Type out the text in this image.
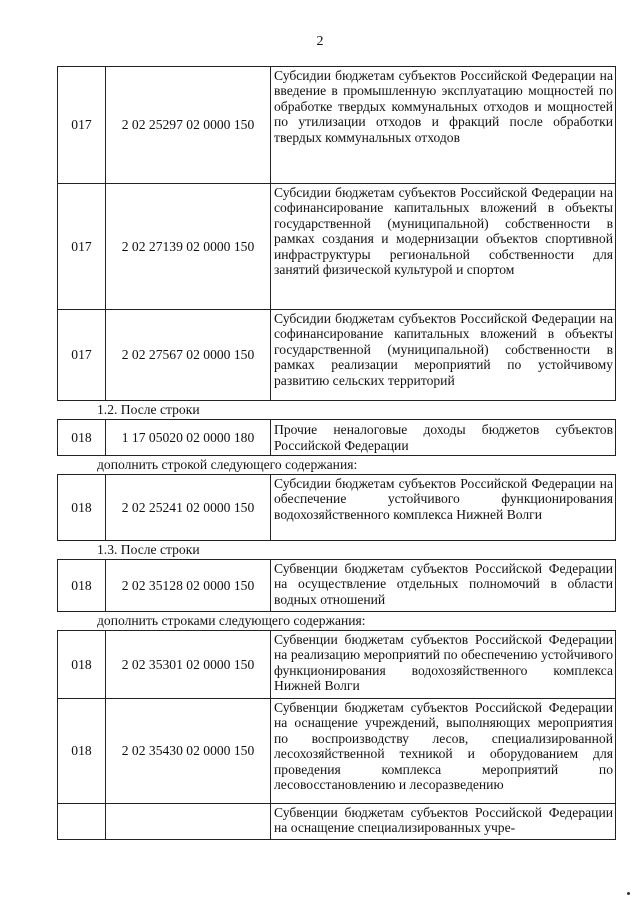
2
017	2 02 25297 02 0000 150	Субсидии бюджетам субъектов Российской Федерации на введение в промышленную эксплуатацию мощностей по обработке твердых коммунальных отходов и мощностей по утилизации отходов и фракций после обработки твердых коммунальных отходов
017	2 02 27139 02 0000 150	Субсидии бюджетам субъектов Российской Федерации на софинансирование капитальных вложений в объекты государственной (муниципальной) собственности в рамках создания и модернизации объектов спортивной инфраструктуры региональной собственности для занятий физической культурой и спортом
017	2 02 27567 02 0000 150	Субсидии бюджетам субъектов Российской Федерации на софинансирование капитальных вложений в объекты государственной (муниципальной) собственности в рамках реализации мероприятий по устойчивому развитию сельских территорий
1.2. После строки
018	1 17 05020 02 0000 180	Прочие неналоговые доходы бюджетов субъектов Российской Федерации
дополнить строкой следующего содержания:
018	2 02 25241 02 0000 150	Субсидии бюджетам субъектов Российской Федерации на обеспечение устойчивого функционирования водохозяйственного комплекса Нижней Волги
1.3. После строки
018	2 02 35128 02 0000 150	Субвенции бюджетам субъектов Российской Федерации на осуществление отдельных полномочий в области водных отношений
дополнить строками следующего содержания:
018	2 02 35301 02 0000 150	Субвенции бюджетам субъектов Российской Федерации на реализацию мероприятий по обеспечению устойчивого функционирования водохозяйственного комплекса Нижней Волги
018	2 02 35430 02 0000 150	Субвенции бюджетам субъектов Российской Федерации на оснащение учреждений, выполняющих мероприятия по воспроизводству лесов, специализированной лесохозяйственной техникой и оборудованием для проведения комплекса мероприятий по лесовосстановлению и лесоразведению
		Субвенции бюджетам субъектов Российской Федерации на оснащение специализированных учре-
